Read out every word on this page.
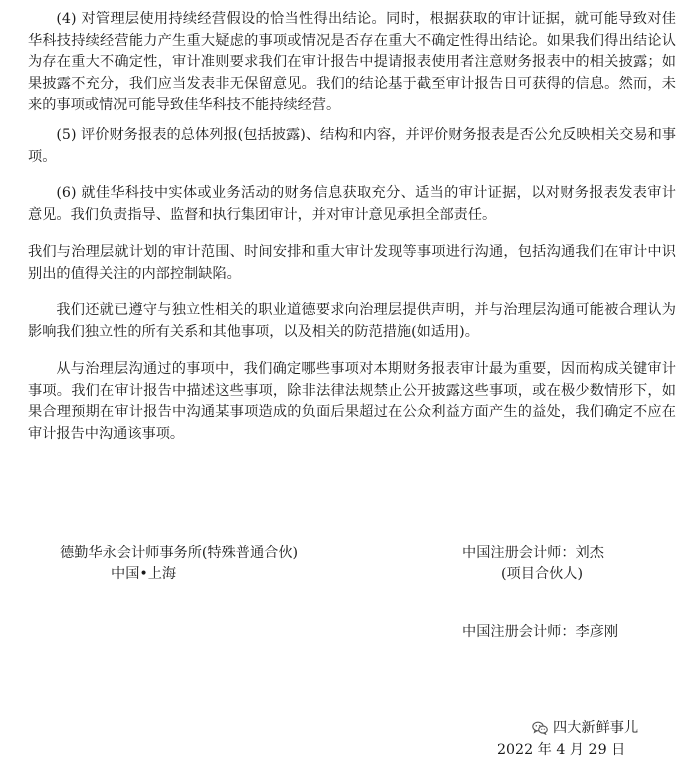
(4) 对管理层使用持续经营假设的恰当性得出结论。同时，根据获取的审计证据，就可能导致对佳华科技持续经营能力产生重大疑虑的事项或情况是否存在重大不确定性得出结论。如果我们得出结论认为存在重大不确定性，审计准则要求我们在审计报告中提请报表使用者注意财务报表中的相关披露；如果披露不充分，我们应当发表非无保留意见。我们的结论基于截至审计报告日可获得的信息。然而，未来的事项或情况可能导致佳华科技不能持续经营。

(5) 评价财务报表的总体列报(包括披露)、结构和内容，并评价财务报表是否公允反映相关交易和事项。

(6) 就佳华科技中实体或业务活动的财务信息获取充分、适当的审计证据，以对财务报表发表审计意见。我们负责指导、监督和执行集团审计，并对审计意见承担全部责任。

我们与治理层就计划的审计范围、时间安排和重大审计发现等事项进行沟通，包括沟通我们在审计中识别出的值得关注的内部控制缺陷。

我们还就已遵守与独立性相关的职业道德要求向治理层提供声明，并与治理层沟通可能被合理认为影响我们独立性的所有关系和其他事项，以及相关的防范措施(如适用)。

从与治理层沟通过的事项中，我们确定哪些事项对本期财务报表审计最为重要，因而构成关键审计事项。我们在审计报告中描述这些事项，除非法律法规禁止公开披露这些事项，或在极少数情形下，如果合理预期在审计报告中沟通某事项造成的负面后果超过在公众利益方面产生的益处，我们确定不应在审计报告中沟通该事项。

德勤华永会计师事务所(特殊普通合伙)
中国•上海
中国注册会计师：刘杰
(项目合伙人)
中国注册会计师：李彦刚
四大新鲜事儿
2022 年 4 月 29 日
